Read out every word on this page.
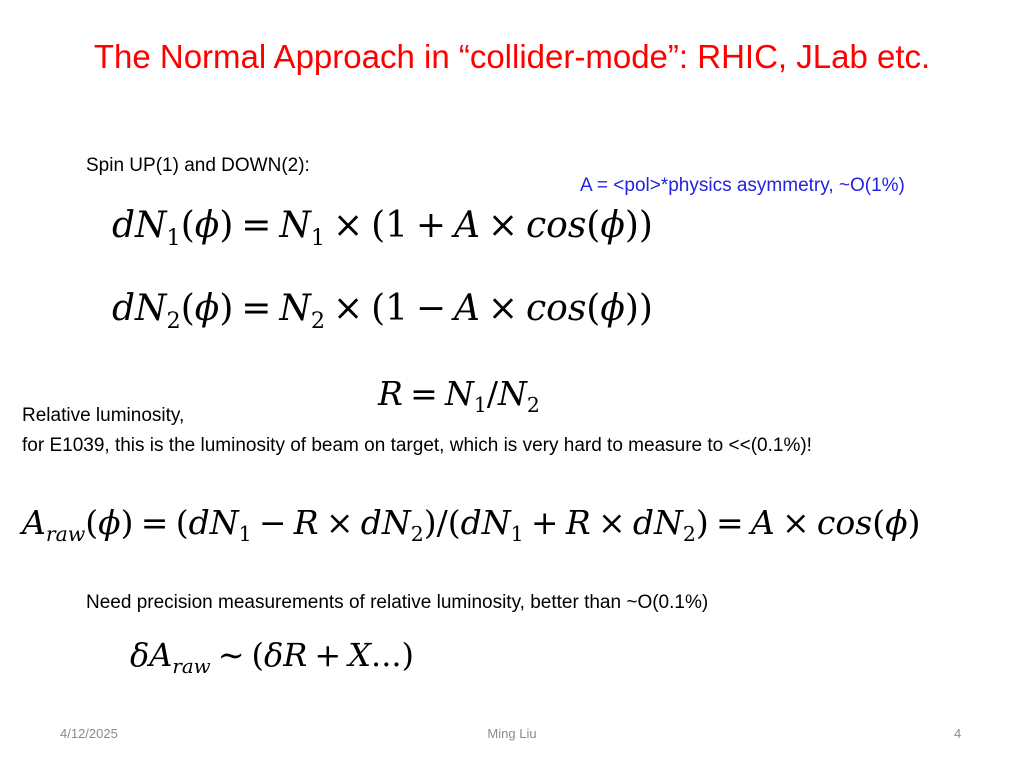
The Normal Approach in “collider-mode”: RHIC, JLab etc.
Spin UP(1) and DOWN(2):
A = <pol>*physics asymmetry, ~O(1%)
$dN_1(\phi) = N_1 \times (1 + A \times \cos(\phi))$
$dN_2(\phi) = N_2 \times (1 - A \times \cos(\phi))$
$R = N_1/N_2$
Relative luminosity,
for E1039, this is the luminosity of beam on target, which is very hard to measure to <<(0.1%)!
$A_{raw}(\phi) = (dN_1 - R \times dN_2)/(dN_1 + R \times dN_2) = A \times \cos(\phi)$
Need precision measurements of relative luminosity, better than ~O(0.1%)
$\delta A_{raw}$ ∼ (δR + X...)
4/12/2025	Ming Liu	4
